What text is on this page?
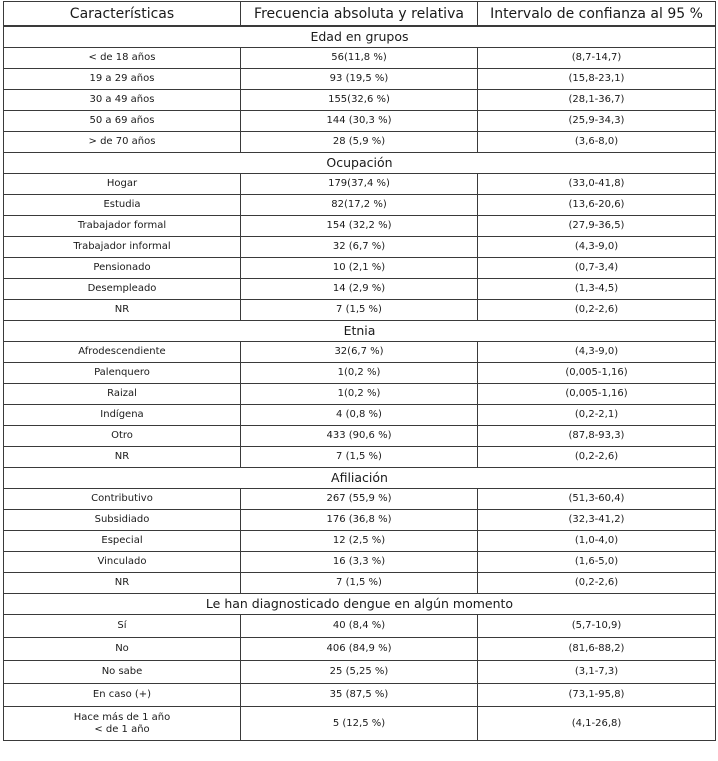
Características	Frecuencia absoluta y relativa	Intervalo de confianza al 95 %
Edad en grupos		
< de 18 años	56(11,8 %)	(8,7-14,7)
19 a 29 años	93 (19,5 %)	(15,8-23,1)
30 a 49 años	155(32,6 %)	(28,1-36,7)
50 a 69 años	144 (30,3 %)	(25,9-34,3)
> de 70 años	28 (5,9 %)	(3,6-8,0)
Ocupación		
Hogar	179(37,4 %)	(33,0-41,8)
Estudia	82(17,2 %)	(13,6-20,6)
Trabajador formal	154 (32,2 %)	(27,9-36,5)
Trabajador informal	32 (6,7 %)	(4,3-9,0)
Pensionado	10 (2,1 %)	(0,7-3,4)
Desempleado	14 (2,9 %)	(1,3-4,5)
NR	7 (1,5 %)	(0,2-2,6)
Etnia		
Afrodescendiente	32(6,7 %)	(4,3-9,0)
Palenquero	1(0,2 %)	(0,005-1,16)
Raizal	1(0,2 %)	(0,005-1,16)
Indígena	4 (0,8 %)	(0,2-2,1)
Otro	433 (90,6 %)	(87,8-93,3)
NR	7 (1,5 %)	(0,2-2,6)
Afiliación		
Contributivo	267 (55,9 %)	(51,3-60,4)
Subsidiado	176 (36,8 %)	(32,3-41,2)
Especial	12 (2,5 %)	(1,0-4,0)
Vinculado	16 (3,3 %)	(1,6-5,0)
NR	7 (1,5 %)	(0,2-2,6)
Le han diagnosticado dengue en algún momento		
Sí	40 (8,4 %)	(5,7-10,9)
No	406 (84,9 %)	(81,6-88,2)
No sabe	25 (5,25 %)	(3,1-7,3)
En caso (+)	35 (87,5 %)	(73,1-95,8)

Hace más de 1 año
< de 1 año	5 (12,5 %)	(4,1-26,8)
